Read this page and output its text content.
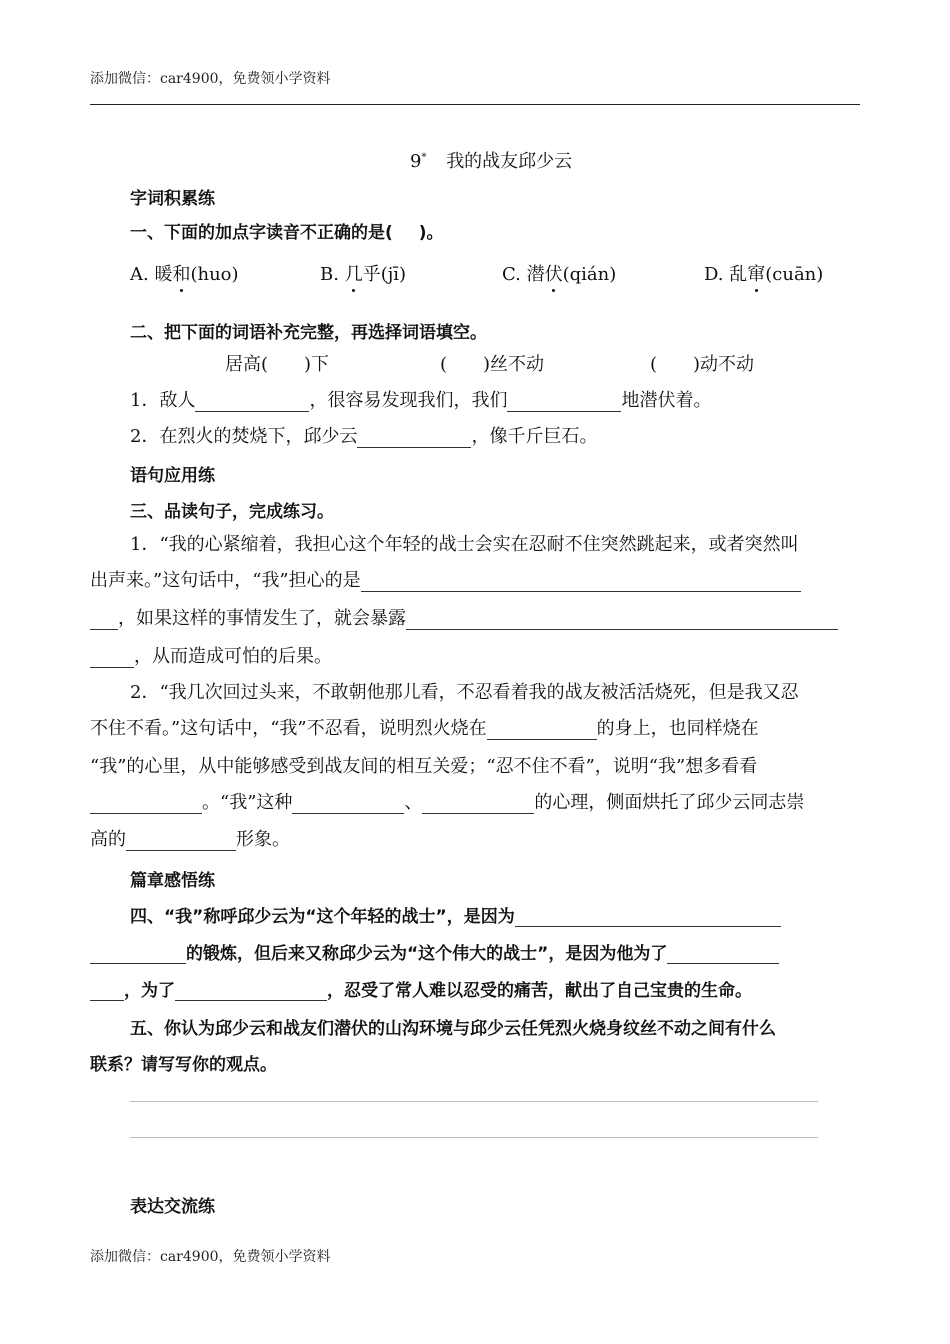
添加微信：car4900，免费领小学资料
9* 我的战友邱少云
字词积累练
一、下面的加点字读音不正确的是( )。
A. 暖和(huo)	B. 几乎(jī)	C. 潜伏(qián)	D. 乱窜(cuān)
二、把下面的词语补充完整，再选择词语填空。
居高( )下	( )丝不动	( )动不动
1．敌人	，很容易发现我们，我们	地潜伏着。
2．在烈火的焚烧下，邱少云	，像千斤巨石。
语句应用练
三、品读句子，完成练习。
1．“我的心紧缩着，我担心这个年轻的战士会实在忍耐不住突然跳起来，或者突然叫
出声来。”这句话中，“我”担心的是
，如果这样的事情发生了，就会暴露
，从而造成可怕的后果。
2．“我几次回过头来，不敢朝他那儿看，不忍看着我的战友被活活烧死，但是我又忍
不住不看。”这句话中，“我”不忍看，说明烈火烧在	的身上，也同样烧在
“我”的心里，从中能够感受到战友间的相互关爱；“忍不住不看”，说明“我”想多看看
。“我”这种	、	的心理，侧面烘托了邱少云同志崇
高的	形象。
篇章感悟练
四、“我”称呼邱少云为“这个年轻的战士”，是因为
的锻炼，但后来又称邱少云为“这个伟大的战士”，是因为他为了
，为了	，忍受了常人难以忍受的痛苦，献出了自己宝贵的生命。
五、你认为邱少云和战友们潜伏的山沟环境与邱少云任凭烈火烧身纹丝不动之间有什么
联系？请写写你的观点。
表达交流练
添加微信：car4900，免费领小学资料
